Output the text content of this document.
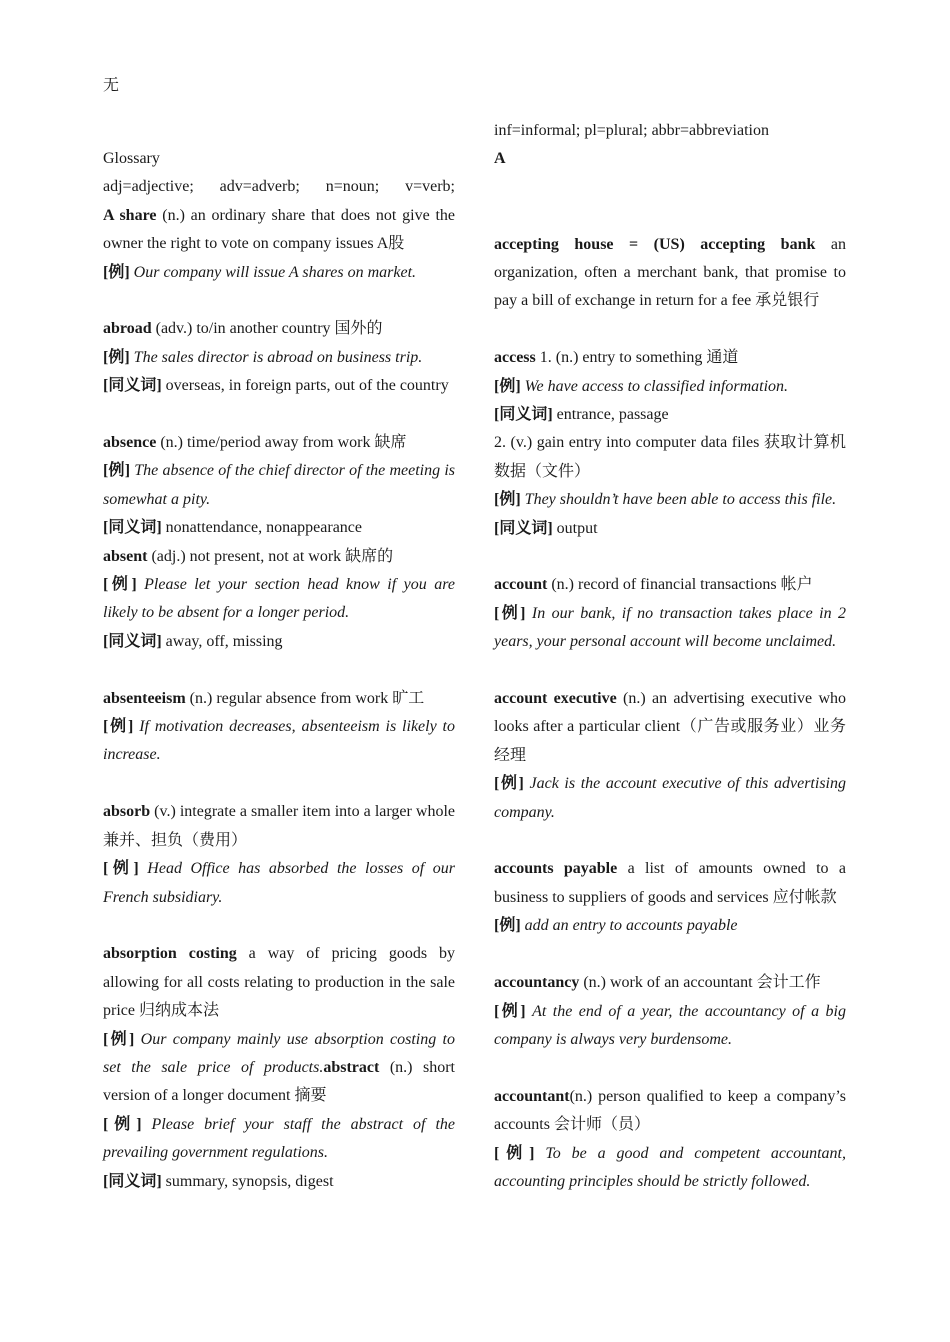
无
Glossary
adj=adjective; adv=adverb; n=noun; v=verb;
A share (n.) an ordinary share that does not give the owner the right to vote on company issues A股
[例] Our company will issue A shares on market.
abroad (adv.) to/in another country 国外的
[例] The sales director is abroad on business trip.
[同义词] overseas, in foreign parts, out of the country
absence (n.) time/period away from work 缺席
[例] The absence of the chief director of the meeting is somewhat a pity.
[同义词] nonattendance, nonappearance
absent (adj.) not present, not at work 缺席的
[例] Please let your section head know if you are likely to be absent for a longer period.
[同义词] away, off, missing
absenteeism (n.) regular absence from work 旷工
[例] If motivation decreases, absenteeism is likely to increase.
absorb (v.) integrate a smaller item into a larger whole 兼并、担负（费用）
[例] Head Office has absorbed the losses of our French subsidiary.
absorption costing a way of pricing goods by allowing for all costs relating to production in the sale price 归纳成本法
[例] Our company mainly use absorption costing to set the sale price of products.abstract (n.) short version of a longer document 摘要
[例] Please brief your staff the abstract of the prevailing government regulations.
[同义词] summary, synopsis, digest
inf=informal; pl=plural; abbr=abbreviation
A
accepting house = (US) accepting bank an organization, often a merchant bank, that promise to pay a bill of exchange in return for a fee 承兑银行
access 1. (n.) entry to something 通道
[例] We have access to classified information.
[同义词] entrance, passage
2. (v.) gain entry into computer data files 获取计算机数据（文件）
[例] They shouldn’t have been able to access this file.
[同义词] output
account (n.) record of financial transactions 帐户
[例] In our bank, if no transaction takes place in 2 years, your personal account will become unclaimed.
account executive (n.) an advertising executive who looks after a particular client（广告或服务业）业务经理
[例] Jack is the account executive of this advertising company.
accounts payable a list of amounts owned to a business to suppliers of goods and services 应付帐款
[例] add an entry to accounts payable
accountancy (n.) work of an accountant 会计工作
[例] At the end of a year, the accountancy of a big company is always very burdensome.
accountant(n.) person qualified to keep a company’s accounts 会计师（员）
[例] To be a good and competent accountant, accounting principles should be strictly followed.
